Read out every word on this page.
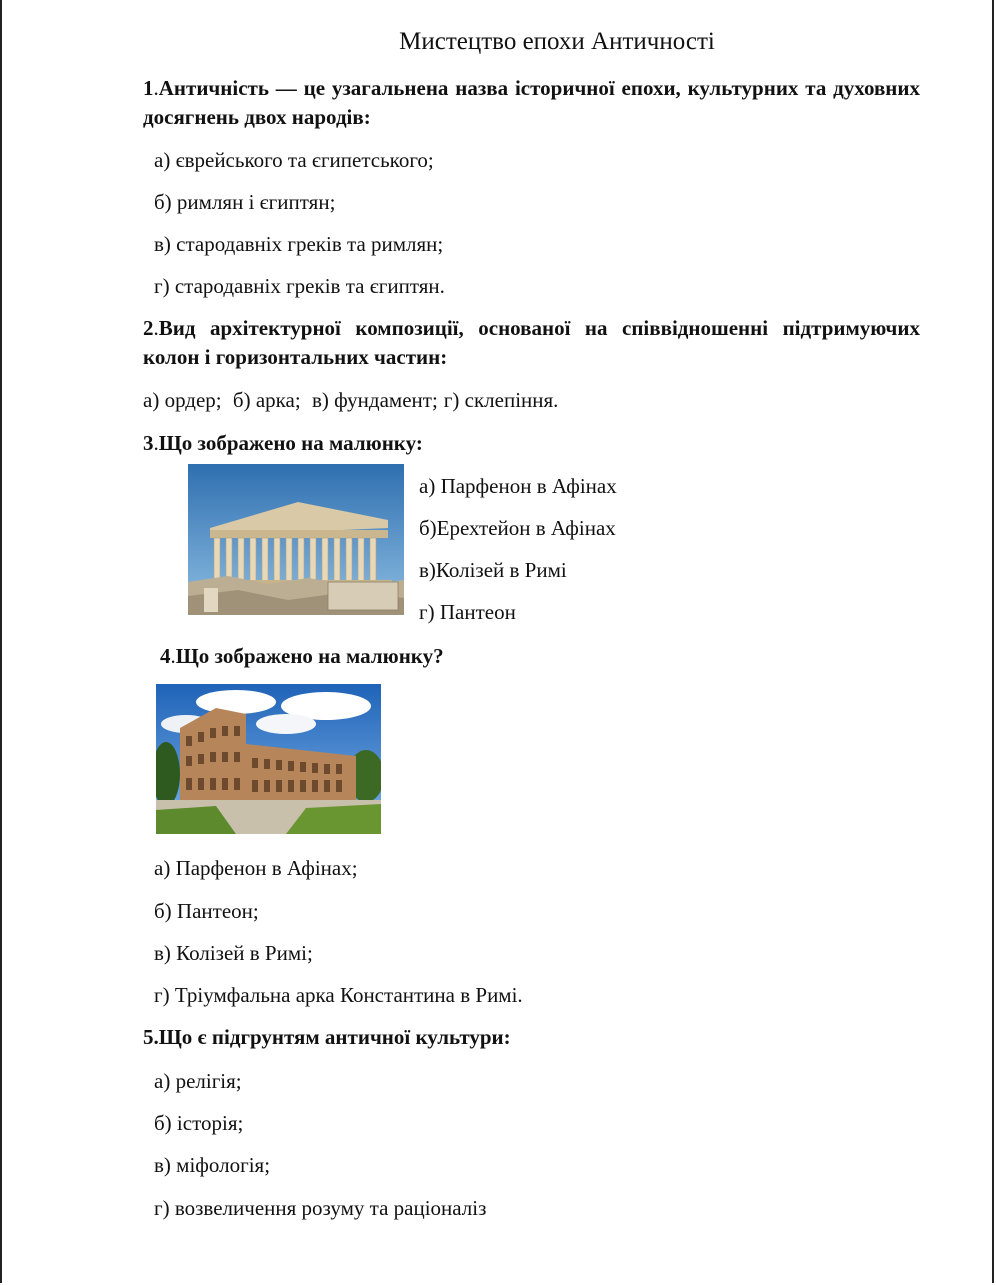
Мистецтво епохи Античності
1.Античність — це узагальнена назва історичної епохи, культурних та духовних досягнень двох народів:
а) єврейського та єгипетського;
б) римлян і єгиптян;
в) стародавніх греків та римлян;
г) стародавніх греків та єгиптян.
2.Вид архітектурної композиції, основаної на співвідношенні підтримуючих колон і горизонтальних частин:
а) ордер; б) арка; в) фундамент; г) склепіння.
3.Що зображено на малюнку:
а) Парфенон в Афінах
б)Ерехтейон в Афінах
в)Колізей в Римі
г) Пантеон
4.Що зображено на малюнку?
а) Парфенон в Афінах;
б) Пантеон;
в) Колізей в Римі;
г) Тріумфальна арка Константина в Римі.
5.Що є підгрунтям античної культури:
а) релігія;
б) історія;
в) міфологія;
г) возвеличення розуму та раціоналіз
